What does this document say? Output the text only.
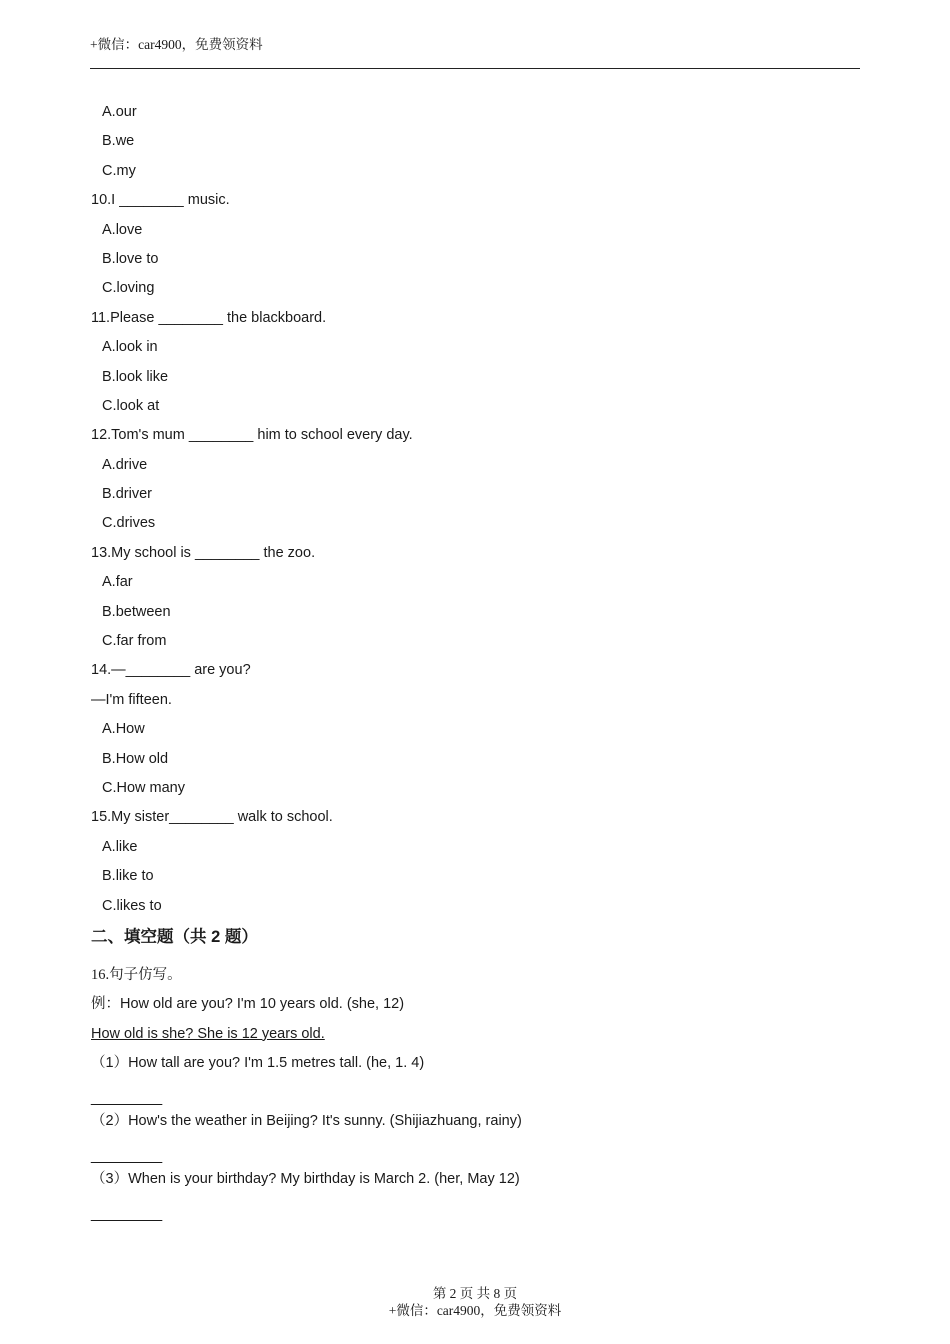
+微信：car4900，免费领资料
A.our
B.we
C.my
10.I ________ music.
A.love
B.love to
C.loving
11.Please ________ the blackboard.
A.look in
B.look like
C.look at
12.Tom's mum ________ him to school every day.
A.drive
B.driver
C.drives
13.My school is ________ the zoo.
A.far
B.between
C.far from
14.—________ are you?
—I'm fifteen.
A.How
B.How old
C.How many
15.My sister________ walk to school.
A.like
B.like to
C.likes to
二、填空题（共 2 题）
16.句子仿写。
例：How old are you? I'm 10 years old. (she, 12)
How old is she? She is 12 years old.
（1）How tall are you? I'm 1.5 metres tall. (he, 1. 4)
________
（2）How's the weather in Beijing? It's sunny. (Shijiazhuang, rainy)
________
（3）When is your birthday? My birthday is March 2. (her, May 12)
________
第 2 页 共 8 页
+微信：car4900，免费领资料
